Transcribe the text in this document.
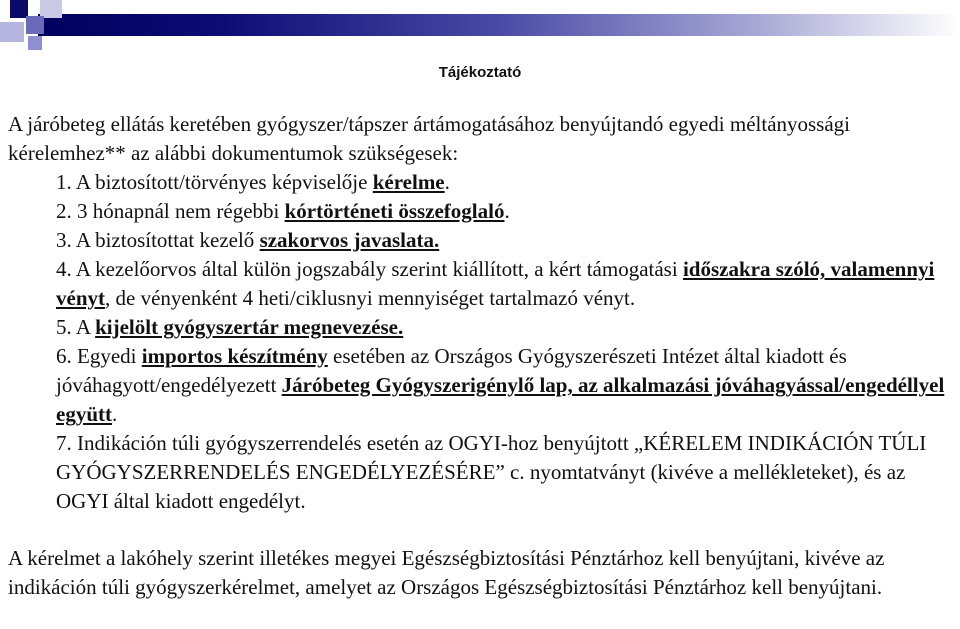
Tájékoztató

A járóbeteg ellátás keretében gyógyszer/tápszer ártámogatásához benyújtandó egyedi méltányossági kérelemhez** az alábbi dokumentumok szükségesek:

1. A biztosított/törvényes képviselője kérelme.

2. 3 hónapnál nem régebbi kórtörténeti összefoglaló.

3. A biztosítottat kezelő szakorvos javaslata.

4. A kezelőorvos által külön jogszabály szerint kiállított, a kért támogatási időszakra szóló, valamennyi vényt, de vényenként 4 heti/ciklusnyi mennyiséget tartalmazó vényt.

5. A kijelölt gyógyszertár megnevezése.

6. Egyedi importos készítmény esetében az Országos Gyógyszerészeti Intézet által kiadott és jóváhagyott/engedélyezett Járóbeteg Gyógyszerigénylő lap, az alkalmazási jóváhagyással/engedéllyel együtt.

7. Indikáción túli gyógyszerrendelés esetén az OGYI-hoz benyújtott „KÉRELEM INDIKÁCIÓN TÚLI GYÓGYSZERRENDELÉS ENGEDÉLYEZÉSÉRE” c. nyomtatványt (kivéve a mellékleteket), és az OGYI által kiadott engedélyt.

A kérelmet a lakóhely szerint illetékes megyei Egészségbiztosítási Pénztárhoz kell benyújtani, kivéve az indikáción túli gyógyszerkérelmet, amelyet az Országos Egészségbiztosítási Pénztárhoz kell benyújtani.
